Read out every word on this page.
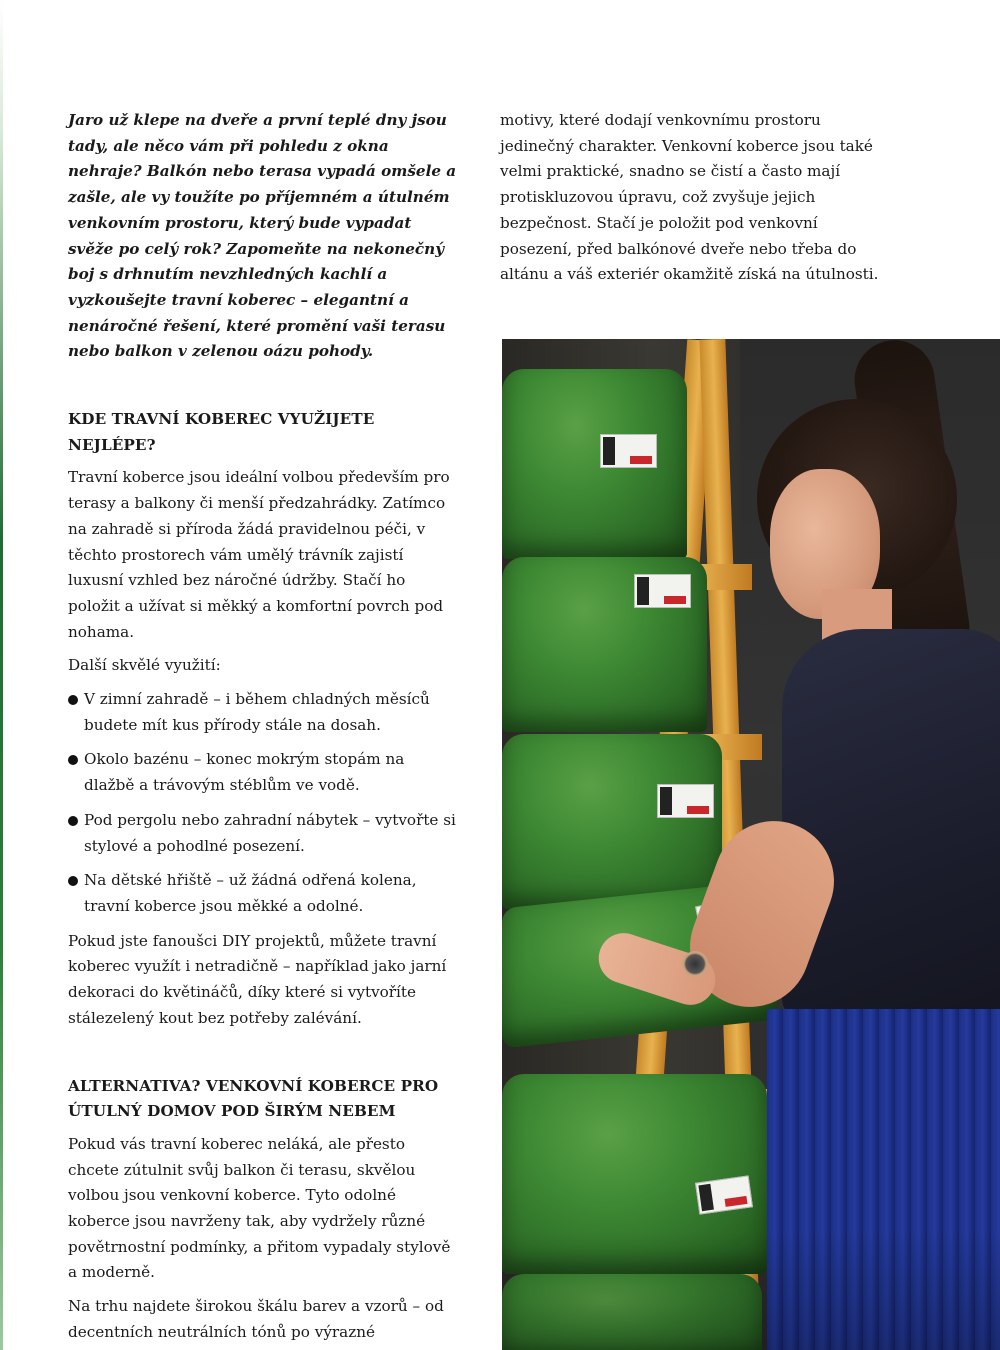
Jaro už klepe na dveře a první teplé dny jsou tady, ale něco vám při pohledu z okna nehraje? Balkón nebo terasa vypadá omšele a zašle, ale vy toužíte po příjemném a útulném venkovním prostoru, který bude vypadat svěže po celý rok? Zapomeňte na nekonečný boj s drhnutím nevzhledných kachlí a vyzkoušejte travní koberec – elegantní a nenáročné řešení, které promění vaši terasu nebo balkon v zelenou oázu pohody.

KDE TRAVNÍ KOBEREC VYUŽIJETE NEJLÉPE?

Travní koberce jsou ideální volbou především pro terasy a balkony či menší předzahrádky. Zatímco na zahradě si příroda žádá pravidelnou péči, v těchto prostorech vám umělý trávník zajistí luxusní vzhled bez náročné údržby. Stačí ho položit a užívat si měkký a komfortní povrch pod nohama.

Další skvělé využití:

V zimní zahradě – i během chladných měsíců budete mít kus přírody stále na dosah.
Okolo bazénu – konec mokrým stopám na dlažbě a trávovým stéblům ve vodě.
Pod pergolu nebo zahradní nábytek – vytvořte si stylové a pohodlné posezení.
Na dětské hřiště – už žádná odřená kolena, travní koberce jsou měkké a odolné.

Pokud jste fanoušci DIY projektů, můžete travní koberec využít i netradičně – například jako jarní dekoraci do květináčů, díky které si vytvoříte stálezelený kout bez potřeby zalévání.

ALTERNATIVA? VENKOVNÍ KOBERCE PRO ÚTULNÝ DOMOV POD ŠIRÝM NEBEM

Pokud vás travní koberec neláká, ale přesto chcete zútulnit svůj balkon či terasu, skvělou volbou jsou venkovní koberce. Tyto odolné koberce jsou navrženy tak, aby vydržely různé povětrnostní podmínky, a přitom vypadaly stylově a moderně.

Na trhu najdete širokou škálu barev a vzorů – od decentních neutrálních tónů po výrazné

motivy, které dodají venkovnímu prostoru jedinečný charakter. Venkovní koberce jsou také velmi praktické, snadno se čistí a často mají protiskluzovou úpravu, což zvyšuje jejich bezpečnost. Stačí je položit pod venkovní posezení, před balkónové dveře nebo třeba do altánu a váš exteriér okamžitě získá na útulnosti.
